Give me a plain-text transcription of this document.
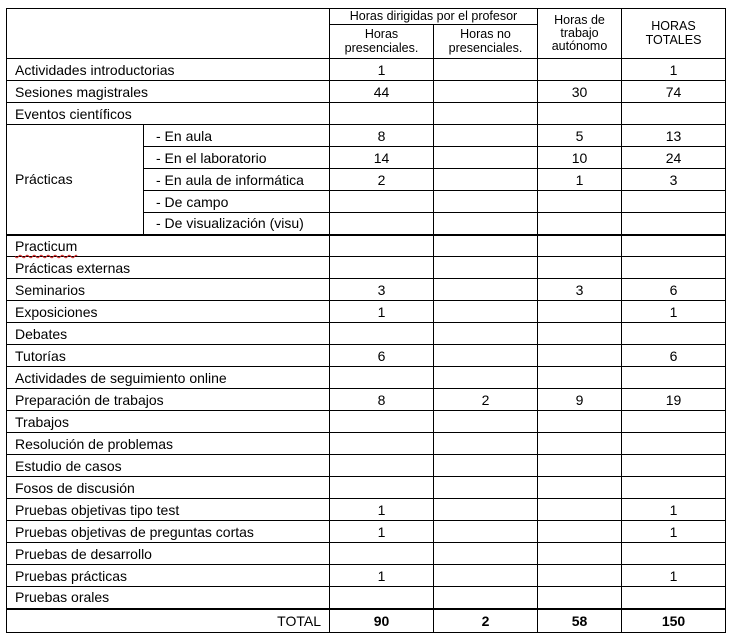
		Horas dirigidas por el profesor		Horas de trabajo autónomo	HORAS TOTALES
		Horas presenciales.	Horas no presenciales.		
Actividades introductorias		1			1
Sesiones magistrales		44		30	74
Eventos científicos					
Prácticas	- En aula	8		5	13
	- En el laboratorio	14		10	24
	- En aula de informática	2		1	3
	- De campo				
	- De visualización (visu)				
Practicum					
Prácticas externas					
Seminarios		3		3	6
Exposiciones		1			1
Debates					
Tutorías		6			6
Actividades de seguimiento online					
Preparación de trabajos		8	2	9	19
Trabajos					
Resolución de problemas					
Estudio de casos					
Fosos de discusión					
Pruebas objetivas tipo test		1			1
Pruebas objetivas de preguntas cortas		1			1
Pruebas de desarrollo					
Pruebas prácticas		1			1
Pruebas orales					
TOTAL		90	2	58	150
